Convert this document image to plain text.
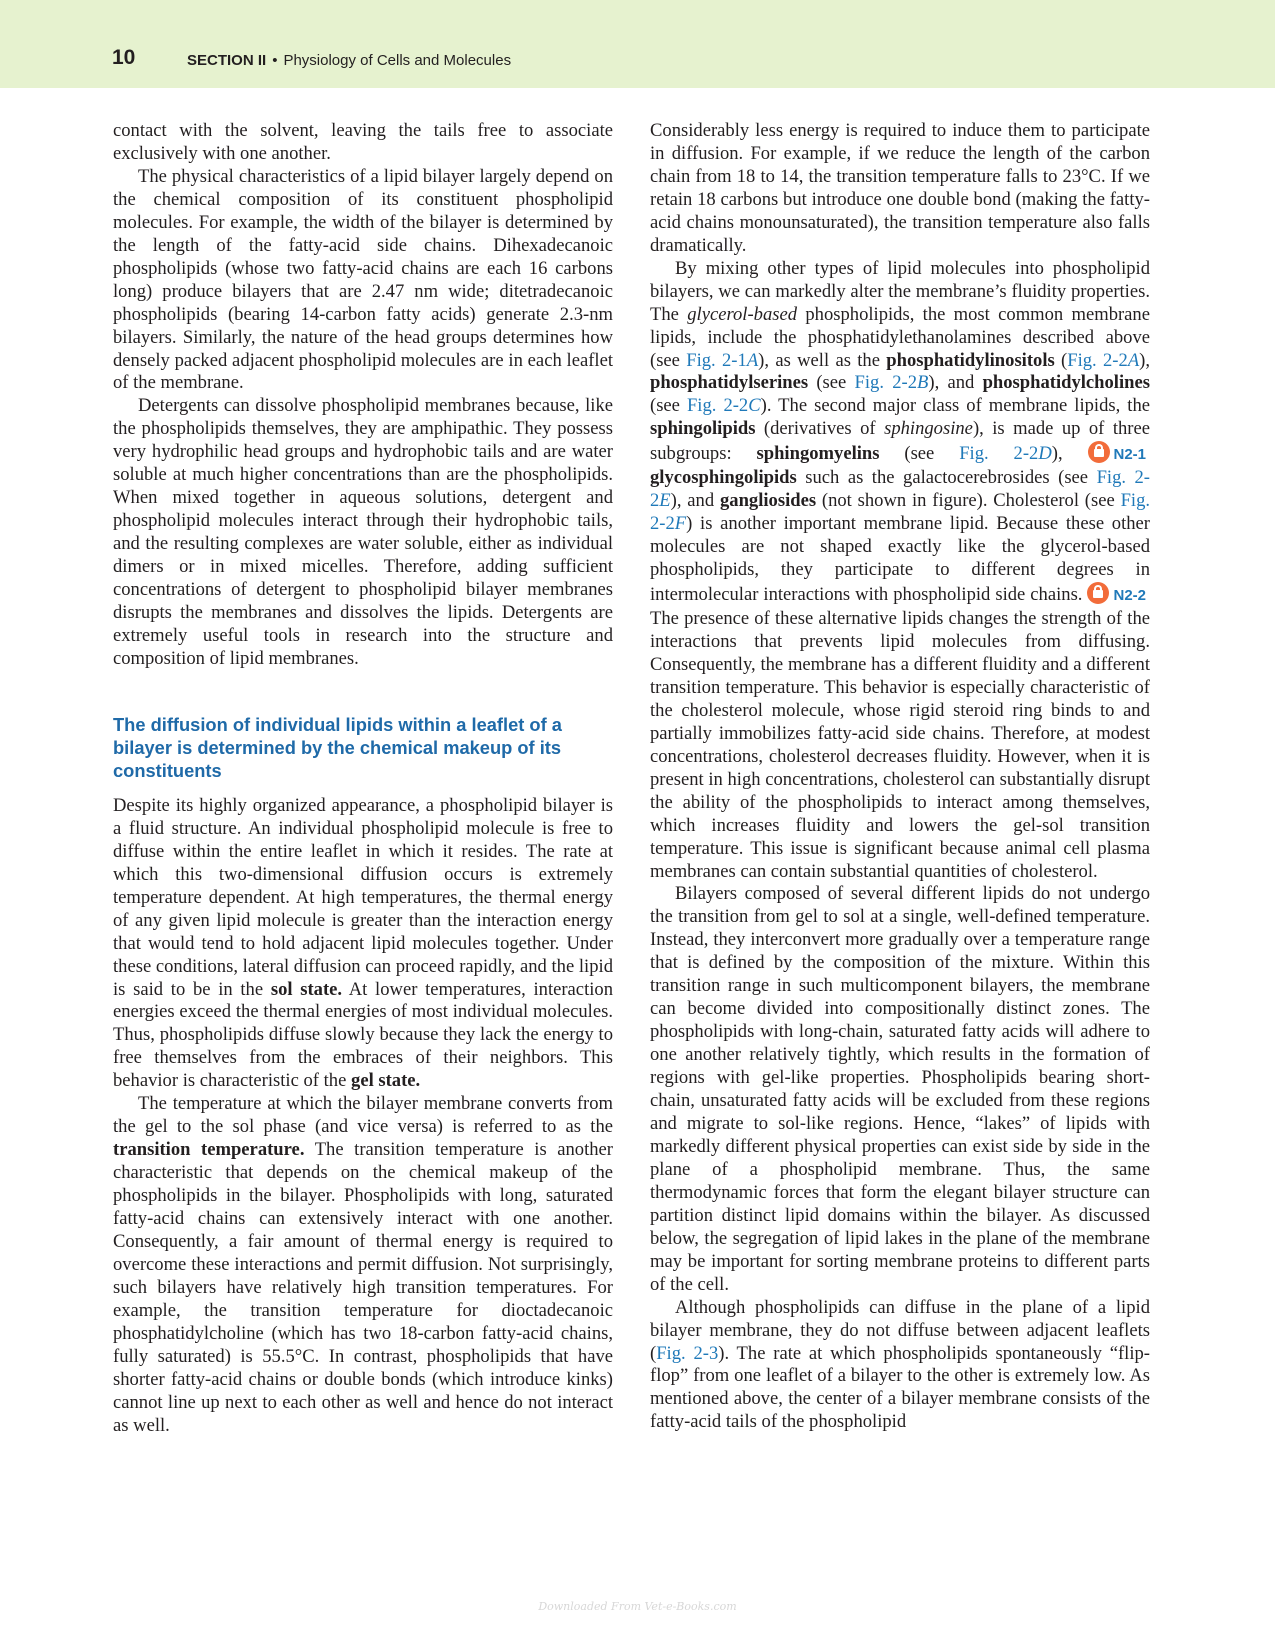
10	SECTION II • Physiology of Cells and Molecules

contact with the solvent, leaving the tails free to associate exclusively with one another.

The physical characteristics of a lipid bilayer largely depend on the chemical composition of its constituent phospholipid molecules. For example, the width of the bilayer is determined by the length of the fatty-acid side chains. Dihexadecanoic phospholipids (whose two fatty-acid chains are each 16 carbons long) produce bilayers that are 2.47 nm wide; ditetradecanoic phospholipids (bearing 14-carbon fatty acids) generate 2.3-nm bilayers. Similarly, the nature of the head groups determines how densely packed adjacent phospholipid molecules are in each leaflet of the membrane.

Detergents can dissolve phospholipid membranes because, like the phospholipids themselves, they are amphipathic. They possess very hydrophilic head groups and hydrophobic tails and are water soluble at much higher concentrations than are the phospholipids. When mixed together in aqueous solutions, detergent and phospholipid molecules interact through their hydrophobic tails, and the resulting complexes are water soluble, either as individual dimers or in mixed micelles. Therefore, adding sufficient concentrations of detergent to phospholipid bilayer membranes disrupts the membranes and dissolves the lipids. Detergents are extremely useful tools in research into the structure and composition of lipid membranes.

The diffusion of individual lipids within a leaflet of a bilayer is determined by the chemical makeup of its constituents

Despite its highly organized appearance, a phospholipid bilayer is a fluid structure. An individual phospholipid molecule is free to diffuse within the entire leaflet in which it resides. The rate at which this two-dimensional diffusion occurs is extremely temperature dependent. At high temperatures, the thermal energy of any given lipid molecule is greater than the interaction energy that would tend to hold adjacent lipid molecules together. Under these conditions, lateral diffusion can proceed rapidly, and the lipid is said to be in the sol state. At lower temperatures, interaction energies exceed the thermal energies of most individual molecules. Thus, phospholipids diffuse slowly because they lack the energy to free themselves from the embraces of their neighbors. This behavior is characteristic of the gel state.

The temperature at which the bilayer membrane converts from the gel to the sol phase (and vice versa) is referred to as the transition temperature. The transition temperature is another characteristic that depends on the chemical makeup of the phospholipids in the bilayer. Phospholipids with long, saturated fatty-acid chains can extensively interact with one another. Consequently, a fair amount of thermal energy is required to overcome these interactions and permit diffusion. Not surprisingly, such bilayers have relatively high transition temperatures. For example, the transition temperature for dioctadecanoic phosphatidylcholine (which has two 18-carbon fatty-acid chains, fully saturated) is 55.5°C. In contrast, phospholipids that have shorter fatty-acid chains or double bonds (which introduce kinks) cannot line up next to each other as well and hence do not interact as well.

Considerably less energy is required to induce them to participate in diffusion. For example, if we reduce the length of the carbon chain from 18 to 14, the transition temperature falls to 23°C. If we retain 18 carbons but introduce one double bond (making the fatty-acid chains monounsaturated), the transition temperature also falls dramatically.

By mixing other types of lipid molecules into phospholipid bilayers, we can markedly alter the membrane’s fluidity properties. The glycerol-based phospholipids, the most common membrane lipids, include the phosphatidylethanolamines described above (see Fig. 2-1A), as well as the phosphatidylinositols (Fig. 2-2A), phosphatidylserines (see Fig. 2-2B), and phosphatidylcholines (see Fig. 2-2C). The second major class of membrane lipids, the sphingolipids (derivatives of sphingosine), is made up of three subgroups: sphingomyelins (see Fig. 2-2D),	N2-1 glycosphingolipids such as the galactocerebrosides (see Fig. 2-2E), and gangliosides (not shown in figure). Cholesterol (see Fig. 2-2F) is another important membrane lipid. Because these other molecules are not shaped exactly like the glycerol-based phospholipids, they participate to different degrees in intermolecular interactions with phospholipid side chains. N2-2 The presence of these alternative lipids changes the strength of the interactions that prevents lipid molecules from diffusing. Consequently, the membrane has a different fluidity and a different transition temperature. This behavior is especially characteristic of the cholesterol molecule, whose rigid steroid ring binds to and partially immobilizes fatty-acid side chains. Therefore, at modest concentrations, cholesterol decreases fluidity. However, when it is present in high concentrations, cholesterol can substantially disrupt the ability of the phospholipids to interact among themselves, which increases fluidity and lowers the gel-sol transition temperature. This issue is significant because animal cell plasma membranes can contain substantial quantities of cholesterol.

Bilayers composed of several different lipids do not undergo the transition from gel to sol at a single, well-defined temperature. Instead, they interconvert more gradually over a temperature range that is defined by the composition of the mixture. Within this transition range in such multicomponent bilayers, the membrane can become divided into compositionally distinct zones. The phospholipids with long-chain, saturated fatty acids will adhere to one another relatively tightly, which results in the formation of regions with gel-like properties. Phospholipids bearing short-chain, unsaturated fatty acids will be excluded from these regions and migrate to sol-like regions. Hence, “lakes” of lipids with markedly different physical properties can exist side by side in the plane of a phospholipid membrane. Thus, the same thermodynamic forces that form the elegant bilayer structure can partition distinct lipid domains within the bilayer. As discussed below, the segregation of lipid lakes in the plane of the membrane may be important for sorting membrane proteins to different parts of the cell.

Although phospholipids can diffuse in the plane of a lipid bilayer membrane, they do not diffuse between adjacent leaflets (Fig. 2-3). The rate at which phospholipids spontaneously “flip-flop” from one leaflet of a bilayer to the other is extremely low. As mentioned above, the center of a bilayer membrane consists of the fatty-acid tails of the phospholipid

Downloaded From Vet-e-Books.com
